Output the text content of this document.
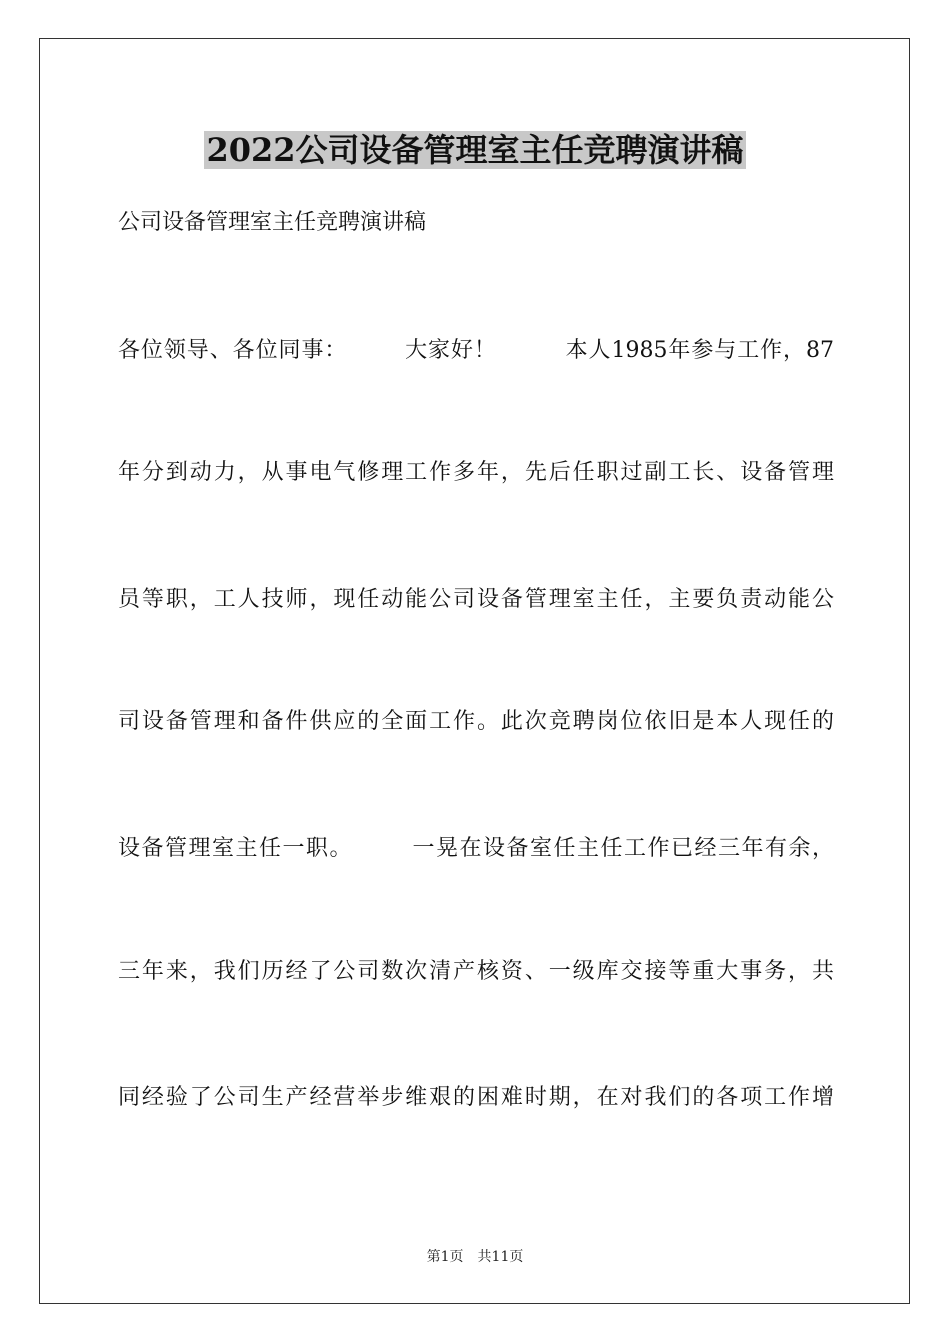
2022公司设备管理室主任竞聘演讲稿
公司设备管理室主任竞聘演讲稿
各位领导、各位同事：　　　大家好！　　　本人1985年参与工作，87
年分到动力，从事电气修理工作多年，先后任职过副工长、设备管理
员等职，工人技师，现任动能公司设备管理室主任，主要负责动能公
司设备管理和备件供应的全面工作。此次竞聘岗位依旧是本人现任的
设备管理室主任一职。　　　一晃在设备室任主任工作已经三年有余，
三年来，我们历经了公司数次清产核资、一级库交接等重大事务，共
同经验了公司生产经营举步维艰的困难时期，在对我们的各项工作增
第1页 共11页
